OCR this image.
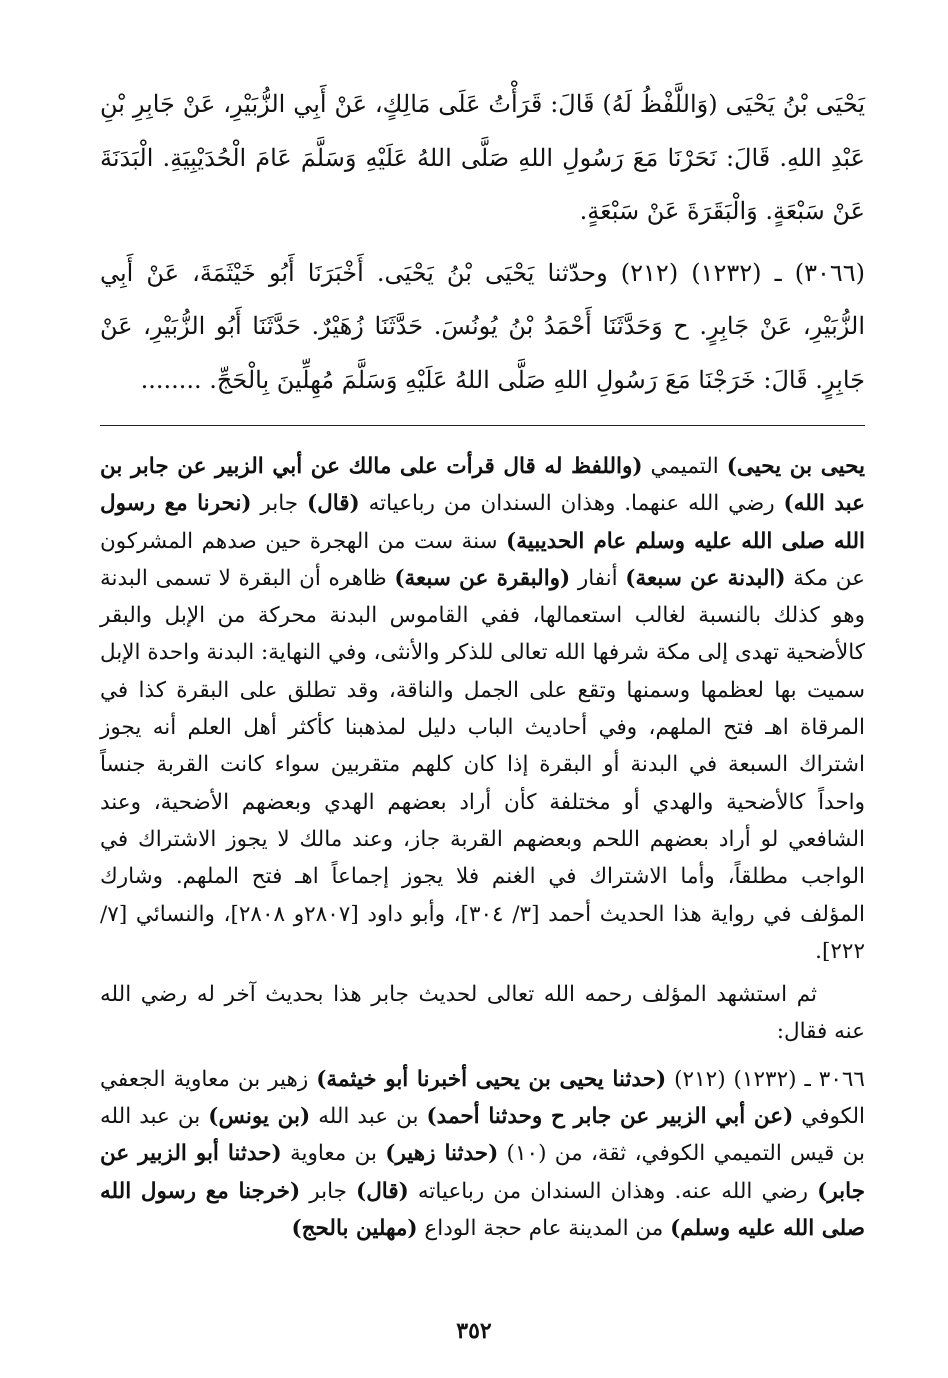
يَحْيَى بْنُ يَحْيَى (وَاللَّفْظُ لَهُ) قَالَ: قَرَأْتُ عَلَى مَالِكٍ، عَنْ أَبِي الزُّبَيْرِ، عَنْ جَابِرِ بْنِ عَبْدِ اللهِ. قَالَ: نَحَرْنَا مَعَ رَسُولِ اللهِ صَلَّى اللهُ عَلَيْهِ وَسَلَّمَ عَامَ الْحُدَيْبِيَةِ. الْبَدَنَةَ عَنْ سَبْعَةٍ. وَالْبَقَرَةَ عَنْ سَبْعَةٍ.

(٣٠٦٦) ـ (١٢٣٢) (٢١٢) وحدّثنا يَحْيَى بْنُ يَحْيَى. أَخْبَرَنَا أَبُو خَيْثَمَةَ، عَنْ أَبِي الزُّبَيْرِ، عَنْ جَابِرٍ. ح وَحَدَّثَنَا أَحْمَدُ بْنُ يُونُسَ. حَدَّثَنَا زُهَيْرٌ. حَدَّثَنَا أَبُو الزُّبَيْرِ، عَنْ جَابِرٍ. قَالَ: خَرَجْنَا مَعَ رَسُولِ اللهِ صَلَّى اللهُ عَلَيْهِ وَسَلَّمَ مُهِلِّينَ بِالْحَجِّ. ........

يحيى بن يحيى) التميمي (واللفظ له قال قرأت على مالك عن أبي الزبير عن جابر بن عبد الله) رضي الله عنهما. وهذان السندان من رباعياته (قال) جابر (نحرنا مع رسول الله صلى الله عليه وسلم عام الحديبية) سنة ست من الهجرة حين صدهم المشركون عن مكة (البدنة عن سبعة) أنفار (والبقرة عن سبعة) ظاهره أن البقرة لا تسمى البدنة وهو كذلك بالنسبة لغالب استعمالها، ففي القاموس البدنة محركة من الإبل والبقر كالأضحية تهدى إلى مكة شرفها الله تعالى للذكر والأنثى، وفي النهاية: البدنة واحدة الإبل سميت بها لعظمها وسمنها وتقع على الجمل والناقة، وقد تطلق على البقرة كذا في المرقاة اهـ فتح الملهم، وفي أحاديث الباب دليل لمذهبنا كأكثر أهل العلم أنه يجوز اشتراك السبعة في البدنة أو البقرة إذا كان كلهم متقربين سواء كانت القربة جنساً واحداً كالأضحية والهدي أو مختلفة كأن أراد بعضهم الهدي وبعضهم الأضحية، وعند الشافعي لو أراد بعضهم اللحم وبعضهم القربة جاز، وعند مالك لا يجوز الاشتراك في الواجب مطلقاً، وأما الاشتراك في الغنم فلا يجوز إجماعاً اهـ فتح الملهم. وشارك المؤلف في رواية هذا الحديث أحمد [٣/ ٣٠٤]، وأبو داود [٢٨٠٧و ٢٨٠٨]، والنسائي [٧/ ٢٢٢].

ثم استشهد المؤلف رحمه الله تعالى لحديث جابر هذا بحديث آخر له رضي الله عنه فقال:

٣٠٦٦ ـ (١٢٣٢) (٢١٢) (حدثنا يحيى بن يحيى أخبرنا أبو خيثمة) زهير بن معاوية الجعفي الكوفي (عن أبي الزبير عن جابر ح وحدثنا أحمد) بن عبد الله (بن يونس) بن عبد الله بن قيس التميمي الكوفي، ثقة، من (١٠) (حدثنا زهير) بن معاوية (حدثنا أبو الزبير عن جابر) رضي الله عنه. وهذان السندان من رباعياته (قال) جابر (خرجنا مع رسول الله صلى الله عليه وسلم) من المدينة عام حجة الوداع (مهلين بالحج)

٣٥٢
